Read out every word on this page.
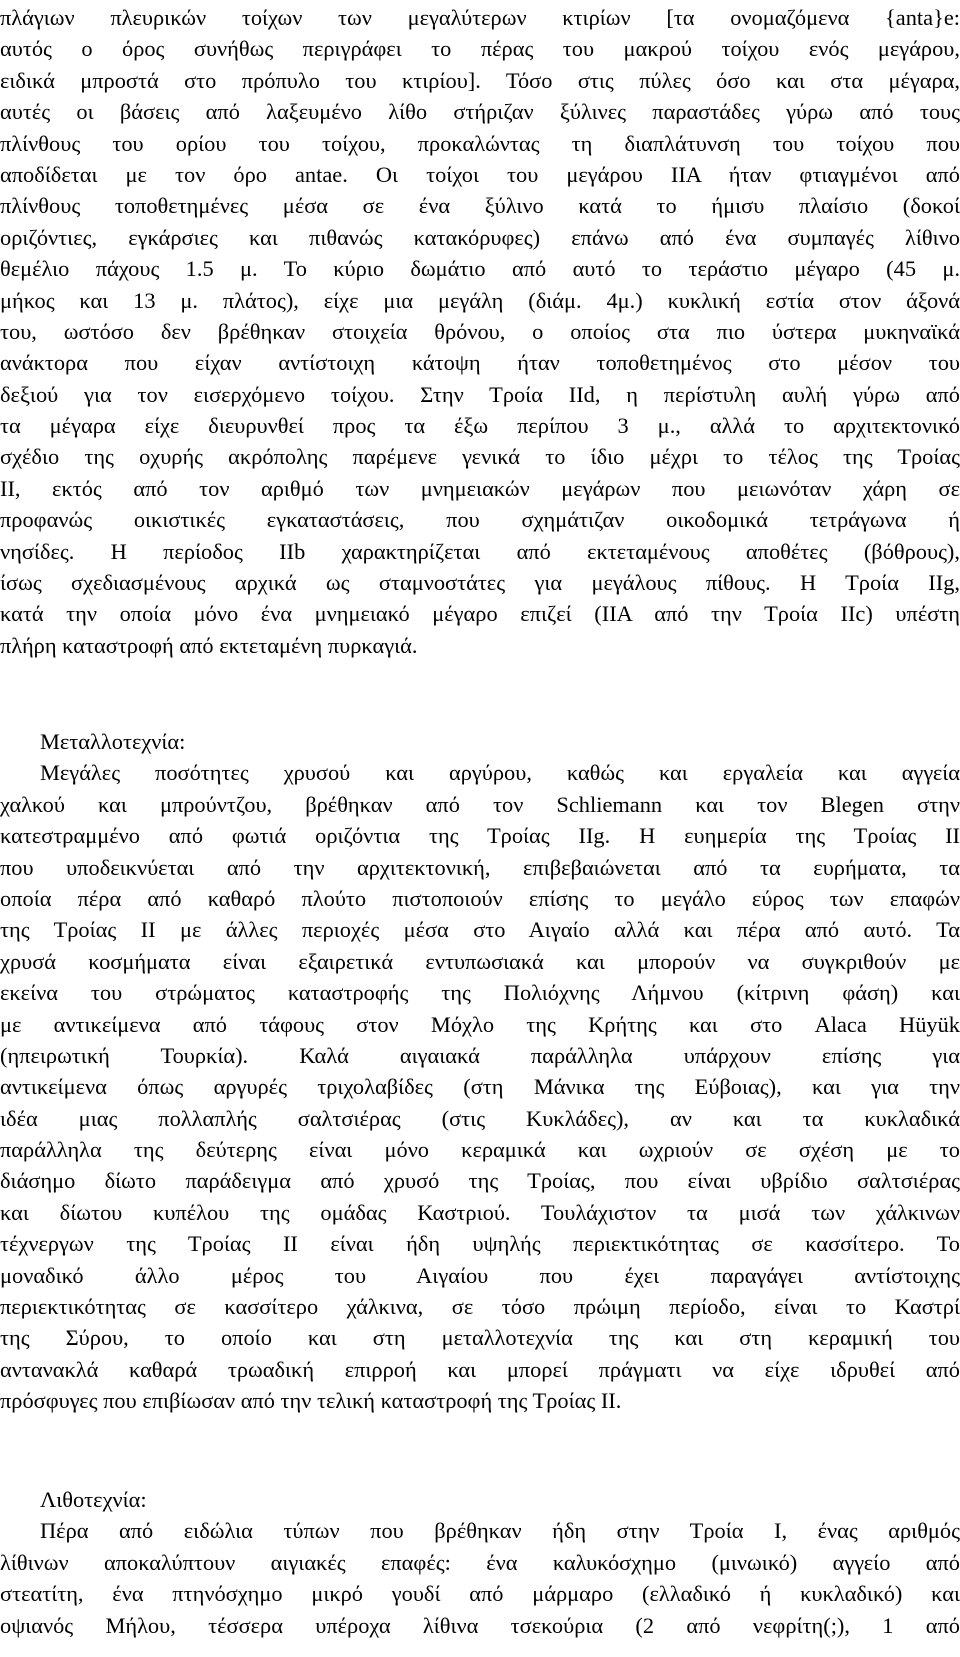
πλάγιων πλευρικών τοίχων των μεγαλύτερων κτιρίων [τα ονομαζόμενα {anta}e:
αυτός ο όρος συνήθως περιγράφει το πέρας του μακρού τοίχου ενός μεγάρου,
ειδικά μπροστά στο πρόπυλο του κτιρίου]. Τόσο στις πύλες όσο και στα μέγαρα,
αυτές οι βάσεις από λαξευμένο λίθο στήριζαν ξύλινες παραστάδες γύρω από τους
πλίνθους του ορίου του τοίχου, προκαλώντας τη διαπλάτυνση του τοίχου που
αποδίδεται με τον όρο antae. Οι τοίχοι του μεγάρου IIA ήταν φτιαγμένοι από
πλίνθους τοποθετημένες μέσα σε ένα ξύλινο κατά το ήμισυ πλαίσιο (δοκοί
οριζόντιες, εγκάρσιες και πιθανώς κατακόρυφες) επάνω από ένα συμπαγές λίθινο
θεμέλιο πάχους 1.5 μ. Το κύριο δωμάτιο από αυτό το τεράστιο μέγαρο (45 μ.
μήκος και 13 μ. πλάτος), είχε μια μεγάλη (διάμ. 4μ.) κυκλική εστία στον άξονά
του, ωστόσο δεν βρέθηκαν στοιχεία θρόνου, ο οποίος στα πιο ύστερα μυκηναϊκά
ανάκτορα που είχαν αντίστοιχη κάτοψη ήταν τοποθετημένος στο μέσον του
δεξιού για τον εισερχόμενο τοίχου. Στην Τροία IId, η περίστυλη αυλή γύρω από
τα μέγαρα είχε διευρυνθεί προς τα έξω περίπου 3 μ., αλλά το αρχιτεκτονικό
σχέδιο της οχυρής ακρόπολης παρέμενε γενικά το ίδιο μέχρι το τέλος της Τροίας
II, εκτός από τον αριθμό των μνημειακών μεγάρων που μειωνόταν χάρη σε
προφανώς οικιστικές εγκαταστάσεις, που σχημάτιζαν οικοδομικά τετράγωνα ή
νησίδες. Η περίοδος IIb χαρακτηρίζεται από εκτεταμένους αποθέτες (βόθρους),
ίσως σχεδιασμένους αρχικά ως σταμνοστάτες για μεγάλους πίθους. Η Τροία IIg,
κατά την οποία μόνο ένα μνημειακό μέγαρο επιζεί (IIA από την Τροία IIc) υπέστη
πλήρη καταστροφή από εκτεταμένη πυρκαγιά.
Μεταλλοτεχνία:
Μεγάλες ποσότητες χρυσού και αργύρου, καθώς και εργαλεία και αγγεία
χαλκού και μπρούντζου, βρέθηκαν από τον Schliemann και τον Blegen στην
κατεστραμμένο από φωτιά οριζόντια της Τροίας IIg. Η ευημερία της Τροίας II
που υποδεικνύεται από την αρχιτεκτονική, επιβεβαιώνεται από τα ευρήματα, τα
οποία πέρα από καθαρό πλούτο πιστοποιούν επίσης το μεγάλο εύρος των επαφών
της Τροίας II με άλλες περιοχές μέσα στο Αιγαίο αλλά και πέρα από αυτό. Τα
χρυσά κοσμήματα είναι εξαιρετικά εντυπωσιακά και μπορούν να συγκριθούν με
εκείνα του στρώματος καταστροφής της Πολιόχνης Λήμνου (κίτρινη φάση) και
με αντικείμενα από τάφους στον Μόχλο της Κρήτης και στο Alaca Hüyük
(ηπειρωτική Τουρκία). Καλά αιγαιακά παράλληλα υπάρχουν επίσης για
αντικείμενα όπως αργυρές τριχολαβίδες (στη Μάνικα της Εύβοιας), και για την
ιδέα μιας πολλαπλής σαλτσιέρας (στις Κυκλάδες), αν και τα κυκλαδικά
παράλληλα της δεύτερης είναι μόνο κεραμικά και ωχριούν σε σχέση με το
διάσημο δίωτο παράδειγμα από χρυσό της Τροίας, που είναι υβρίδιο σαλτσιέρας
και δίωτου κυπέλου της ομάδας Καστριού. Τουλάχιστον τα μισά των χάλκινων
τέχνεργων της Τροίας II είναι ήδη υψηλής περιεκτικότητας σε κασσίτερο. Το
μοναδικό άλλο μέρος του Αιγαίου που έχει παραγάγει αντίστοιχης
περιεκτικότητας σε κασσίτερο χάλκινα, σε τόσο πρώιμη περίοδο, είναι το Καστρί
της Σύρου, το οποίο και στη μεταλλοτεχνία της και στη κεραμική του
αντανακλά καθαρά τρωαδική επιρροή και μπορεί πράγματι να είχε ιδρυθεί από
πρόσφυγες που επιβίωσαν από την τελική καταστροφή της Τροίας II.
Λιθοτεχνία:
Πέρα από ειδώλια τύπων που βρέθηκαν ήδη στην Τροία I, ένας αριθμός
λίθινων αποκαλύπτουν αιγιακές επαφές: ένα καλυκόσχημο (μινωικό) αγγείο από
στεατίτη, ένα πτηνόσχημο μικρό γουδί από μάρμαρο (ελλαδικό ή κυκλαδικό) και
οψιανός Μήλου, τέσσερα υπέροχα λίθινα τσεκούρια (2 από νεφρίτη(;), 1 από
